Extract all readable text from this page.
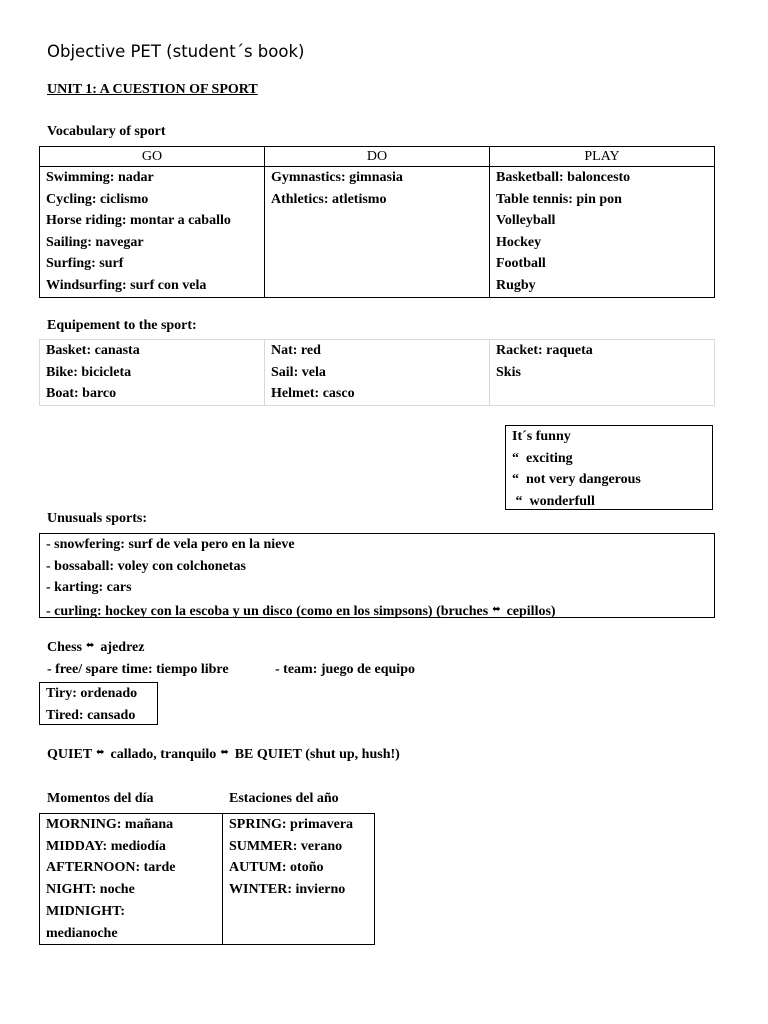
Objective PET (student´s book)
UNIT 1: A CUESTION OF SPORT
Vocabulary of sport
GO	DO	PLAY
Swimming: nadar	Gymnastics: gimnasia	Basketball: baloncesto
Cycling: ciclismo	Athletics: atletismo	Table tennis: pin pon
Horse riding: montar a caballo		Volleyball
Sailing: navegar		Hockey
Surfing: surf		Football
Windsurfing: surf con vela		Rugby
Equipement to the sport:
Basket: canasta	Nat: red	Racket: raqueta
Bike: bicicleta	Sail: vela	Skis
Boat: barco	Helmet: casco	
It´s funny
“  exciting
“  not very dangerous
“  wonderfull
Unusuals sports:
- snowfering: surf de vela pero en la nieve
- bossaball: voley con colchonetas
- karting: cars
- curling: hockey con la escoba y un disco (como en los simpsons) (bruches ⬌ cepillos)
Chess ⬌ ajedrez
- free/ spare time: tiempo libre	- team: juego de equipo
Tiry: ordenado
Tired: cansado
QUIET ⬌ callado, tranquilo ⬌ BE QUIET (shut up, hush!)
Momentos del día	Estaciones del año
MORNING: mañana	SPRING: primavera
MIDDAY: mediodía	SUMMER: verano
AFTERNOON: tarde	AUTUM: otoño
NIGHT: noche	WINTER: invierno
MIDNIGHT:	
medianoche	
